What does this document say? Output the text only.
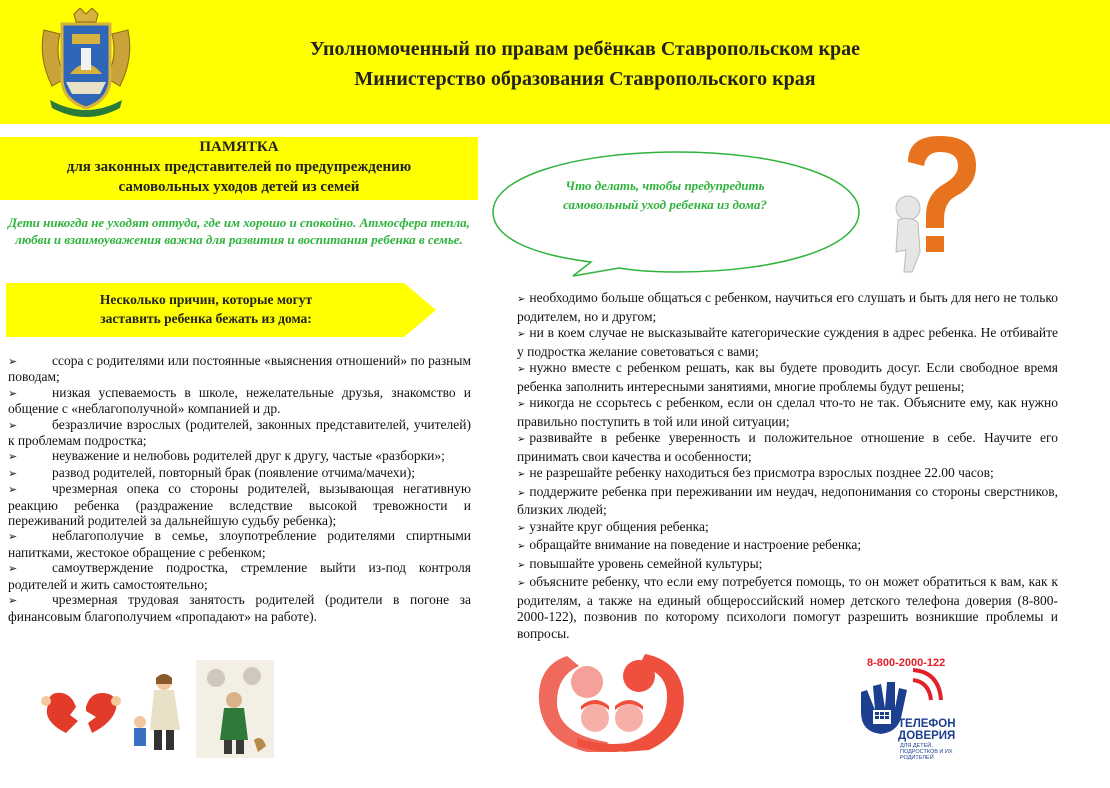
Уполномоченный по правам ребёнкав Ставропольском крае
Министерство образования Ставропольского края
ПАМЯТКА
для законных представителей по предупреждению
самовольных уходов детей из семей
Дети никогда не уходят оттуда, где им хорошо и спокойно. Атмосфера тепла, любви и взаимоуважения важна для развития и воспитания ребенка в семье.
Несколько причин, которые могут
заставить ребенка бежать из дома:
➢	ссора с родителями или постоянные «выяснения отношений» по разным поводам;
➢	низкая успеваемость в школе, нежелательные друзья, знакомство и общение с «неблагополучной» компанией и др.
➢	безразличие взрослых (родителей, законных представителей, учителей) к проблемам подростка;
➢	неуважение и нелюбовь родителей друг к другу, частые «разборки»;
➢	развод родителей, повторный брак (появление отчима/мачехи);
➢	чрезмерная опека со стороны родителей, вызывающая негативную реакцию ребенка (раздражение вследствие высокой тревожности и переживаний родителей за дальнейшую судьбу ребенка);
➢	неблагополучие в семье, злоупотребление родителями спиртными напитками, жестокое обращение с ребенком;
➢	самоутверждение подростка, стремление выйти из-под контроля родителей и жить самостоятельно;
➢	чрезмерная трудовая занятость родителей (родители в погоне за финансовым благополучием «пропадают» на работе).
Что делать, чтобы предупредить самовольный уход ребенка из дома?
➢ необходимо больше общаться с ребенком, научиться его слушать и быть для него не только родителем, но и другом;
➢ ни в коем случае не высказывайте категорические суждения в адрес ребенка. Не отбивайте у подростка желание советоваться с вами;
➢ нужно вместе с ребенком решать, как вы будете проводить досуг. Если свободное время ребенка заполнить интересными занятиями, многие проблемы будут решены;
➢ никогда не ссорьтесь с ребенком, если он сделал что-то не так. Объясните ему, как нужно правильно поступить в той или иной ситуации;
➢ развивайте в ребенке уверенность и положительное отношение в себе. Научите его принимать свои качества и особенности;
➢ не разрешайте ребенку находиться без присмотра взрослых позднее 22.00 часов;
➢ поддержите ребенка при переживании им неудач, недопонимания со стороны сверстников, близких людей;
➢ узнайте круг общения ребенка;
➢ обращайте внимание на поведение и настроение ребенка;
➢ повышайте уровень семейной культуры;
➢ объясните ребенку, что если ему потребуется помощь, то он может обратиться к вам, как к родителям, а также на единый общероссийский номер детского телефона доверия (8-800-2000-122), позвонив по которому психологи помогут разрешить возникшие проблемы и вопросы.
8-800-2000-122
ТЕЛЕФОН
ДОВЕРИЯ
ДЛЯ ДЕТЕЙ, ПОДРОСТКОВ И ИХ РОДИТЕЛЕЙ
